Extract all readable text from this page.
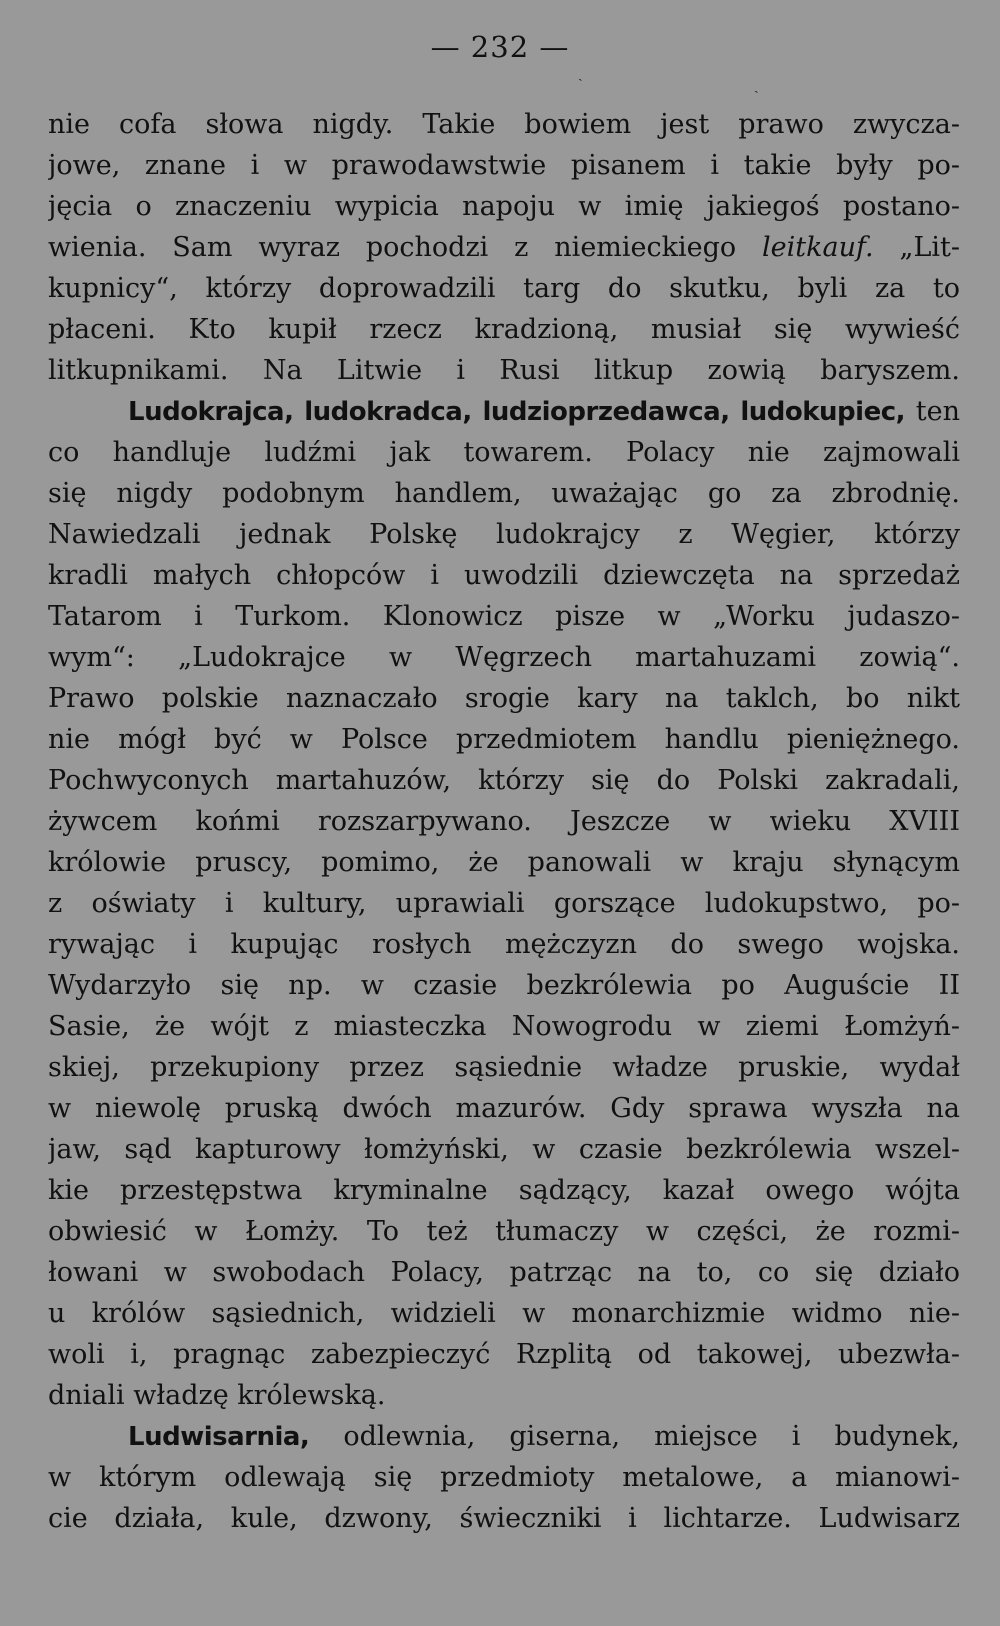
— 232 —
ˎ
ˏ
nie cofa słowa nigdy. Takie bowiem jest prawo zwycza-
jowe, znane i w prawodawstwie pisanem i takie były po-
jęcia o znaczeniu wypicia napoju w imię jakiegoś postano-
wienia. Sam wyraz pochodzi z niemieckiego leitkauf. „Lit-
kupnicy“, którzy doprowadzili targ do skutku, byli za to
płaceni. Kto kupił rzecz kradzioną, musiał się wywieść
litkupnikami. Na Litwie i Rusi litkup zowią baryszem.
Ludokrajca, ludokradca, ludzioprzedawca, ludokupiec, ten
co handluje ludźmi jak towarem. Polacy nie zajmowali
się nigdy podobnym handlem, uważając go za zbrodnię.
Nawiedzali jednak Polskę ludokrajcy z Węgier, którzy
kradli małych chłopców i uwodzili dziewczęta na sprzedaż
Tatarom i Turkom. Klonowicz pisze w „Worku judaszo-
wym“: „Ludokrajce w Węgrzech martahuzami zowią“.
Prawo polskie naznaczało srogie kary na taklch, bo nikt
nie mógł być w Polsce przedmiotem handlu pieniężnego.
Pochwyconych martahuzów, którzy się do Polski zakradali,
żywcem końmi rozszarpywano. Jeszcze w wieku XVIII
królowie pruscy, pomimo, że panowali w kraju słynącym
z oświaty i kultury, uprawiali gorszące ludokupstwo, po-
rywając i kupując rosłych mężczyzn do swego wojska.
Wydarzyło się np. w czasie bezkrólewia po Auguście II
Sasie, że wójt z miasteczka Nowogrodu w ziemi Łomżyń-
skiej, przekupiony przez sąsiednie władze pruskie, wydał
w niewolę pruską dwóch mazurów. Gdy sprawa wyszła na
jaw, sąd kapturowy łomżyński, w czasie bezkrólewia wszel-
kie przestępstwa kryminalne sądzący, kazał owego wójta
obwiesić w Łomży. To też tłumaczy w części, że rozmi-
łowani w swobodach Polacy, patrząc na to, co się działo
u królów sąsiednich, widzieli w monarchizmie widmo nie-
woli i, pragnąc zabezpieczyć Rzplitą od takowej, ubezwła-
dniali władzę królewską.
Ludwisarnia, odlewnia, giserna, miejsce i budynek,
w którym odlewają się przedmioty metalowe, a mianowi-
cie działa, kule, dzwony, świeczniki i lichtarze. Ludwisarz
